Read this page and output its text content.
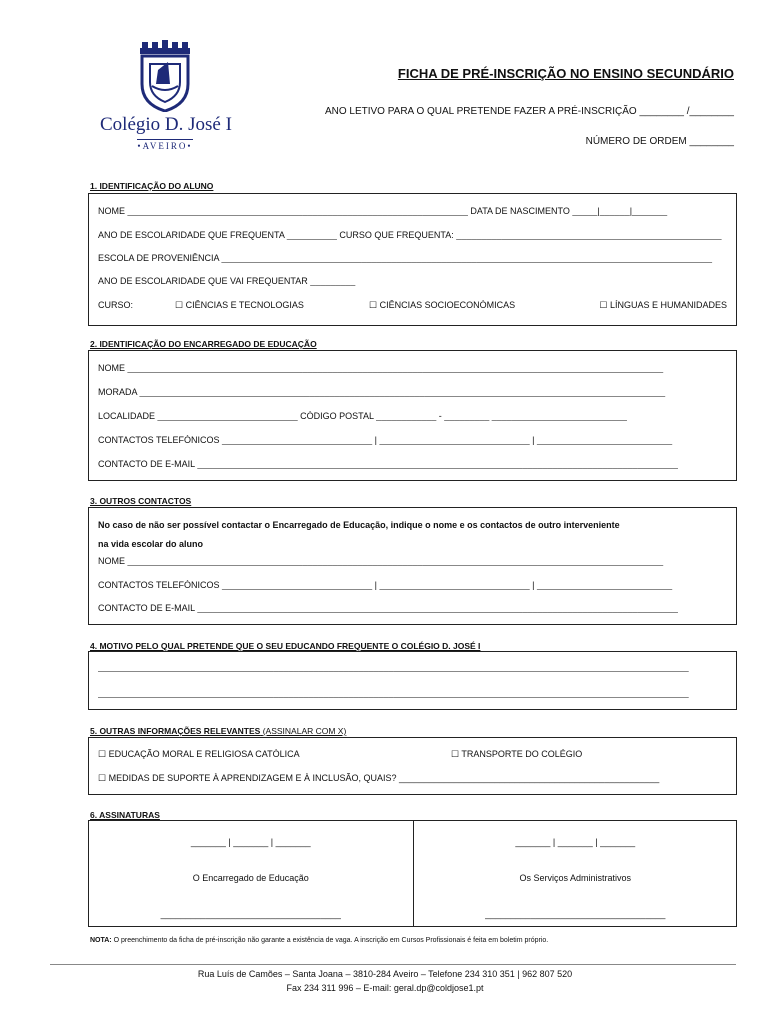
Colégio D. José I
•AVEIRO•
FICHA DE PRÉ-INSCRIÇÃO NO ENSINO SECUNDÁRIO
ANO LETIVO PARA O QUAL PRETENDE FAZER A PRÉ-INSCRIÇÃO ________ /________
NÚMERO DE ORDEM ________
1. IDENTIFICAÇÃO DO ALUNO
NOME ____________________________________________________________________ DATA DE NASCIMENTO _____|______|_______
ANO DE ESCOLARIDADE QUE FREQUENTA __________ CURSO QUE FREQUENTA: _____________________________________________________
ESCOLA DE PROVENIÊNCIA __________________________________________________________________________________________________
ANO DE ESCOLARIDADE QUE VAI FREQUENTAR _________
CURSO:	☐ CIÊNCIAS E TECNOLOGIAS	☐ CIÊNCIAS SOCIOECONÓMICAS	☐ LÍNGUAS E HUMANIDADES
2. IDENTIFICAÇÃO DO ENCARREGADO DE EDUCAÇÃO
NOME ___________________________________________________________________________________________________________
MORADA _________________________________________________________________________________________________________
LOCALIDADE ____________________________ CÓDIGO POSTAL ____________ - _________ ___________________________
CONTACTOS TELEFÓNICOS ______________________________ | ______________________________ | ___________________________
CONTACTO DE E-MAIL ________________________________________________________________________________________________
3. OUTROS CONTACTOS
No caso de não ser possível contactar o Encarregado de Educação, indique o nome e os contactos de outro interveniente
na vida escolar do aluno
NOME ___________________________________________________________________________________________________________
CONTACTOS TELEFÓNICOS ______________________________ | ______________________________ | ___________________________
CONTACTO DE E-MAIL ________________________________________________________________________________________________
4. MOTIVO PELO QUAL PRETENDE QUE O SEU EDUCANDO FREQUENTE O COLÉGIO D. JOSÉ I
______________________________________________________________________________________________________________________
______________________________________________________________________________________________________________________
5. OUTRAS INFORMAÇÕES RELEVANTES (ASSINALAR COM X)
☐ EDUCAÇÃO MORAL E RELIGIOSA CATÓLICA	☐ TRANSPORTE DO COLÉGIO
☐ MEDIDAS DE SUPORTE À APRENDIZAGEM E À INCLUSÃO, QUAIS? ____________________________________________________
6. ASSINATURAS
_______ | _______ | _______
O Encarregado de Educação
____________________________________
_______ | _______ | _______
Os Serviços Administrativos
____________________________________
NOTA: O preenchimento da ficha de pré-inscrição não garante a existência de vaga. A inscrição em Cursos Profissionais é feita em boletim próprio.
Rua Luís de Camões – Santa Joana – 3810-284 Aveiro – Telefone 234 310 351 | 962 807 520
Fax 234 311 996 – E-mail: geral.dp@coldjose1.pt
